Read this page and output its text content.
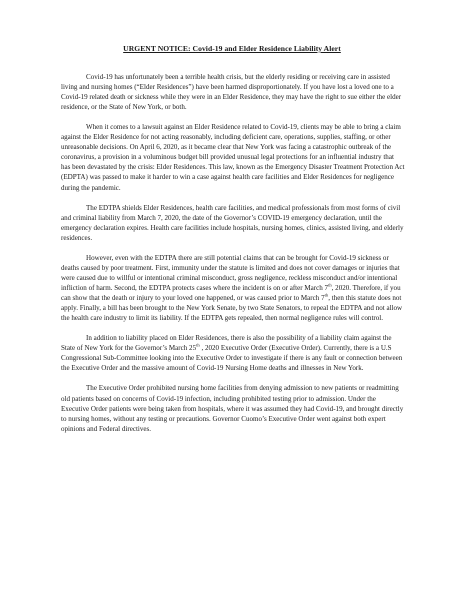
URGENT NOTICE: Covid-19 and Elder Residence Liability Alert

Covid-19 has unfortunately been a terrible health crisis, but the elderly residing or receiving care in assisted living and nursing homes (“Elder Residences”) have been harmed disproportionately. If you have lost a loved one to a Covid-19 related death or sickness while they were in an Elder Residence, they may have the right to sue either the elder residence, or the State of New York, or both.

When it comes to a lawsuit against an Elder Residence related to Covid-19, clients may be able to bring a claim against the Elder Residence for not acting reasonably, including deficient care, operations, supplies, staffing, or other unreasonable decisions. On April 6, 2020, as it became clear that New York was facing a catastrophic outbreak of the coronavirus, a provision in a voluminous budget bill provided unusual legal protections for an influential industry that has been devastated by the crisis: Elder Residences. This law, known as the Emergency Disaster Treatment Protection Act (EDPTA) was passed to make it harder to win a case against health care facilities and Elder Residences for negligence during the pandemic.

The EDTPA shields Elder Residences, health care facilities, and medical professionals from most forms of civil and criminal liability from March 7, 2020, the date of the Governor’s COVID-19 emergency declaration, until the emergency declaration expires. Health care facilities include hospitals, nursing homes, clinics, assisted living, and elderly residences.

However, even with the EDTPA there are still potential claims that can be brought for Covid-19 sickness or deaths caused by poor treatment. First, immunity under the statute is limited and does not cover damages or injuries that were caused due to willful or intentional criminal misconduct, gross negligence, reckless misconduct and/or intentional infliction of harm. Second, the EDTPA protects cases where the incident is on or after March 7th, 2020. Therefore, if you can show that the death or injury to your loved one happened, or was caused prior to March 7th, then this statute does not apply. Finally, a bill has been brought to the New York Senate, by two State Senators, to repeal the EDTPA and not allow the health care industry to limit its liability. If the EDTPA gets repealed, then normal negligence rules will control.

In addition to liability placed on Elder Residences, there is also the possibility of a liability claim against the State of New York for the Governor’s March 25th , 2020 Executive Order (Executive Order). Currently, there is a U.S Congressional Sub-Committee looking into the Executive Order to investigate if there is any fault or connection between the Executive Order and the massive amount of Covid-19 Nursing Home deaths and illnesses in New York.

The Executive Order prohibited nursing home facilities from denying admission to new patients or readmitting old patients based on concerns of Covid-19 infection, including prohibited testing prior to admission. Under the Executive Order patients were being taken from hospitals, where it was assumed they had Covid-19, and brought directly to nursing homes, without any testing or precautions. Governor Cuomo’s Executive Order went against both expert opinions and Federal directives.
